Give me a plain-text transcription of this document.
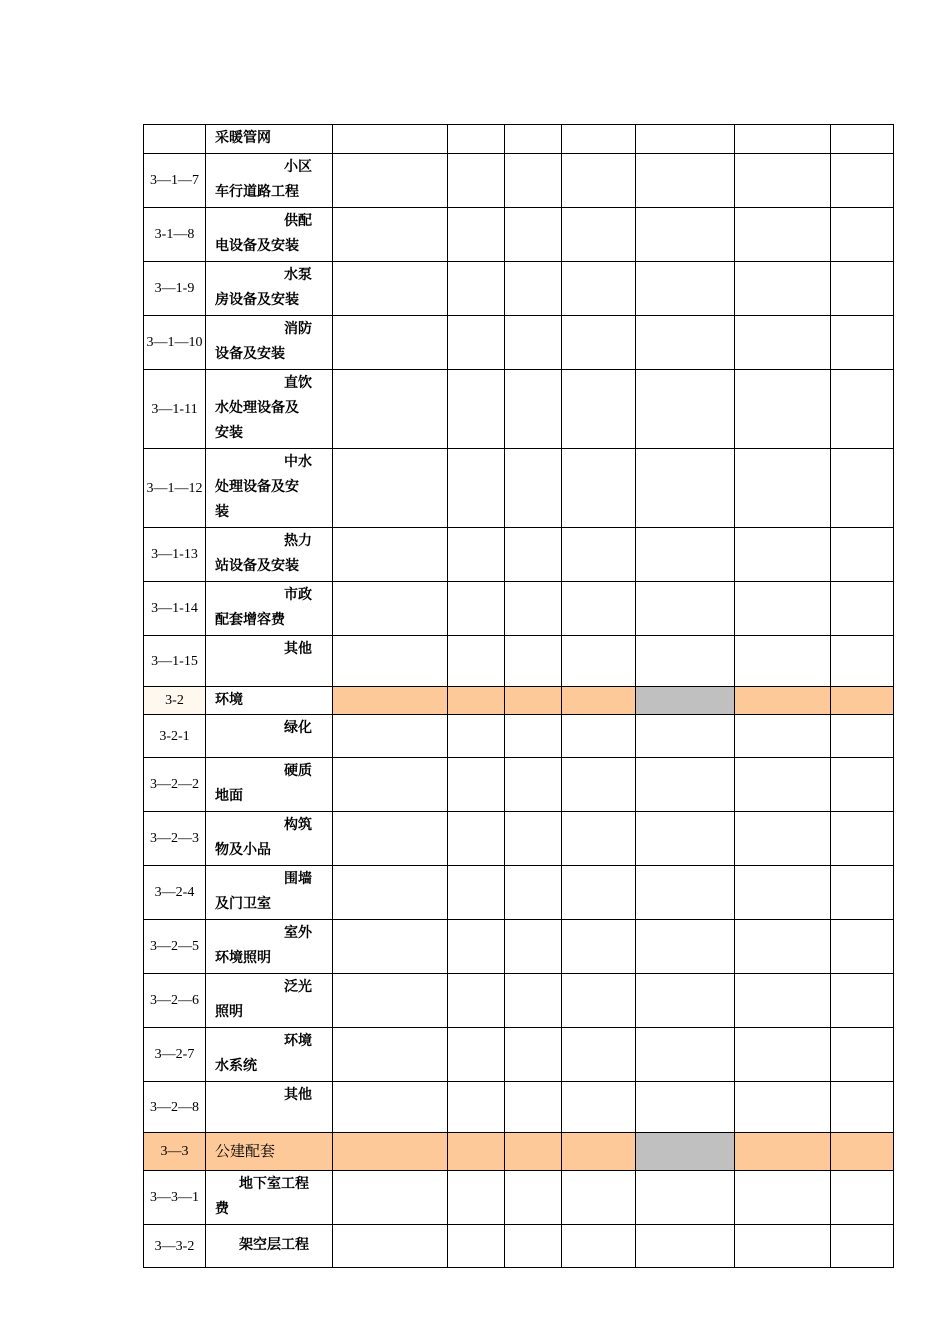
	采暖管网							

3—1—7	小区
车行道路工程							

3-1—8	供配
电设备及安装							

3—1-9	水泵
房设备及安装							

3—1—10	消防
设备及安装							

3—1-11	直饮
水处理设备及安装							

3—1—12	中水
处理设备及安装							

3—1-13	热力
站设备及安装							

3—1-14	市政
配套增容费							

3—1-15	其他							

3-2	环境							
3-2-1	绿化							

3—2—2	硬质
地面							

3—2—3	构筑
物及小品							

3—2-4	围墙
及门卫室							

3—2—5	室外
环境照明							

3—2—6	泛光
照明							

3—2-7	环境
水系统							

3—2—8	其他							

3—3	公建配套							
3—3—1	地下室工程
费							

3—3-2	架空层工程							
